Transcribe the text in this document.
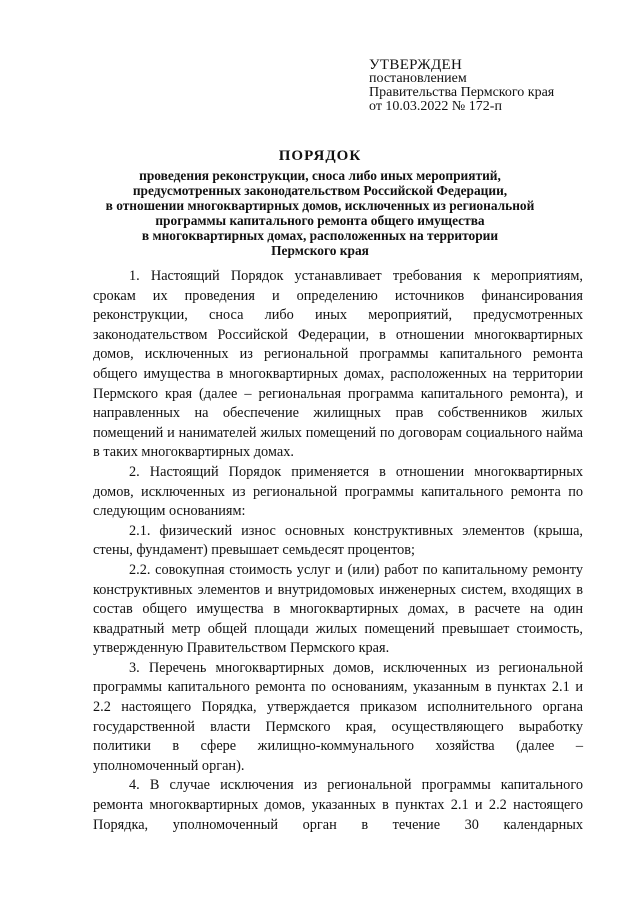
УТВЕРЖДЕН
постановлением
Правительства Пермского края
от 10.03.2022 № 172-п
ПОРЯДОК
проведения реконструкции, сноса либо иных мероприятий,
предусмотренных законодательством Российской Федерации,
в отношении многоквартирных домов, исключенных из региональной
программы капитального ремонта общего имущества
в многоквартирных домах, расположенных на территории
Пермского края

1. Настоящий Порядок устанавливает требования к мероприятиям, срокам их проведения и определению источников финансирования реконструкции, сноса либо иных мероприятий, предусмотренных законодательством Российской Федерации, в отношении многоквартирных домов, исключенных из региональной программы капитального ремонта общего имущества в многоквартирных домах, расположенных на территории Пермского края (далее – региональная программа капитального ремонта), и направленных на обеспечение жилищных прав собственников жилых помещений и нанимателей жилых помещений по договорам социального найма в таких многоквартирных домах.

2. Настоящий Порядок применяется в отношении многоквартирных домов, исключенных из региональной программы капитального ремонта по следующим основаниям:

2.1. физический износ основных конструктивных элементов (крыша, стены, фундамент) превышает семьдесят процентов;

2.2. совокупная стоимость услуг и (или) работ по капитальному ремонту конструктивных элементов и внутридомовых инженерных систем, входящих в состав общего имущества в многоквартирных домах, в расчете на один квадратный метр общей площади жилых помещений превышает стоимость, утвержденную Правительством Пермского края.

3. Перечень многоквартирных домов, исключенных из региональной программы капитального ремонта по основаниям, указанным в пунктах 2.1 и 2.2 настоящего Порядка, утверждается приказом исполнительного органа государственной власти Пермского края, осуществляющего выработку политики в сфере жилищно-коммунального хозяйства (далее – уполномоченный орган).

4. В случае исключения из региональной программы капитального ремонта многоквартирных домов, указанных в пунктах 2.1 и 2.2 настоящего Порядка, уполномоченный орган в течение 30 календарных
